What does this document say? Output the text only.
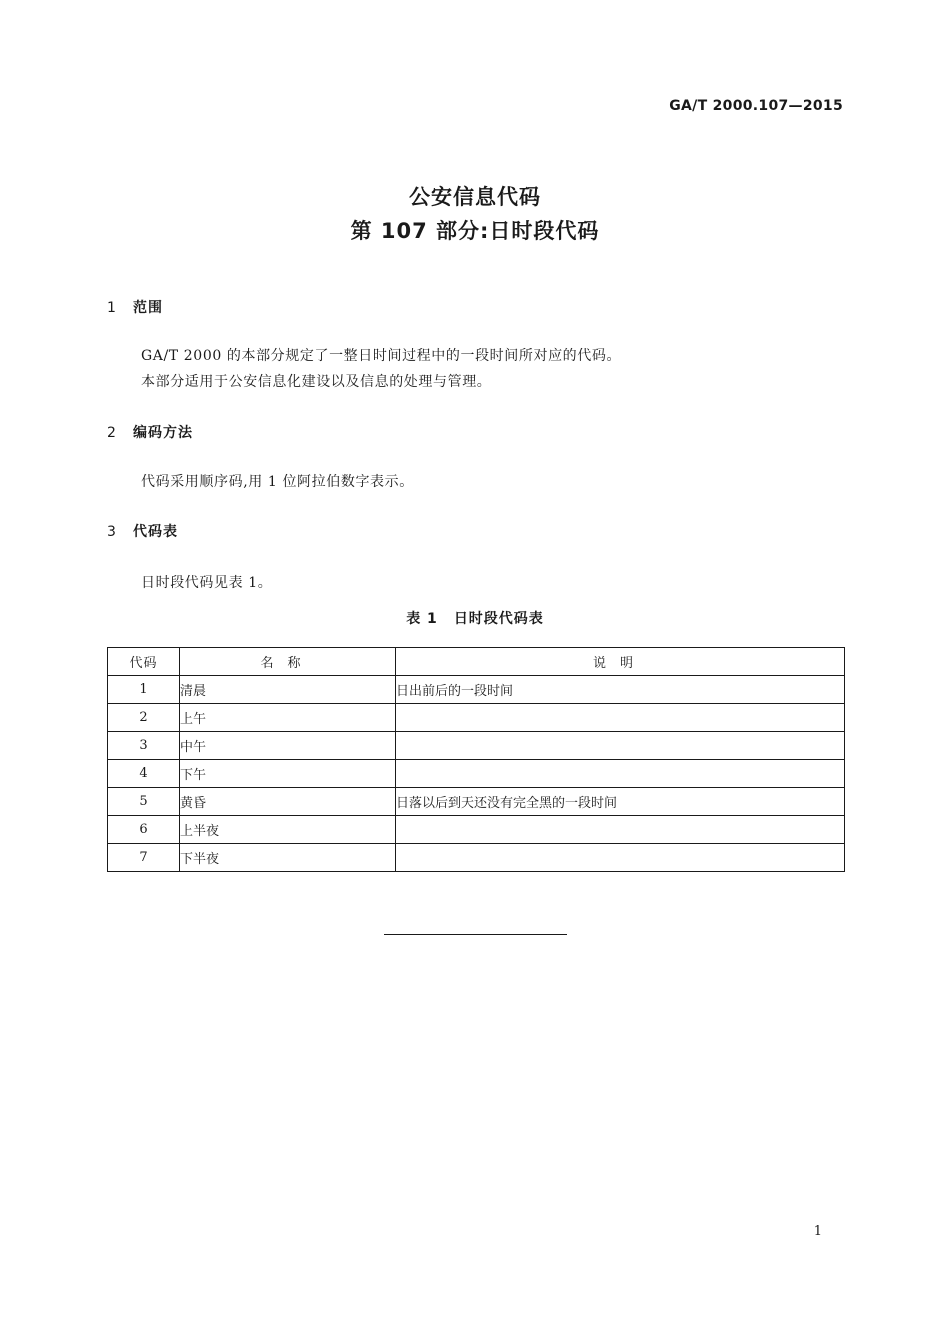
GA/T 2000.107—2015
公安信息代码
第 107 部分:日时段代码
1 范围
GA/T 2000 的本部分规定了一整日时间过程中的一段时间所对应的代码。
本部分适用于公安信息化建设以及信息的处理与管理。
2 编码方法
代码采用顺序码,用 1 位阿拉伯数字表示。
3 代码表
日时段代码见表 1。
表 1 日时段代码表
代码	名称	说明
1	清晨	日出前后的一段时间
2	上午	
3	中午	
4	下午	
5	黄昏	日落以后到天还没有完全黑的一段时间
6	上半夜	
7	下半夜	
1
